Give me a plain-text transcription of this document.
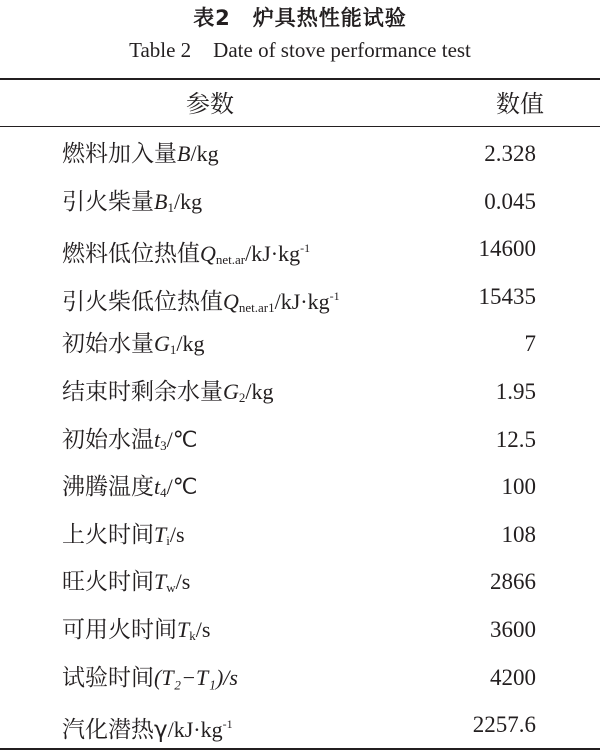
表2 炉具热性能试验
Table 2 Date of stove performance test
参数	数值
燃料加入量B/kg	2.328
引火柴量$B_1/kg$	0.045
燃料低位热值$Q_{net.ar}/kJ\cdot kg^{-1}$	14600
引火柴低位热值$Q_{net.ar1}/kJ\cdot kg^{-1}$	15435
初始水量$G_1/kg$	7
结束时剩余水量$G_2/kg$	1.95
初始水温$t_3/℃$	12.5
沸腾温度$t_4/℃$	100
上火时间$T_i/s$	108
旺火时间$T_w/s$	2866
可用火时间$T_k/s$	3600
试验时间(T₂−T₁)/s	4200
汽化潜热$\gamma/kJ\cdot kg^{-1}$	2257.6
